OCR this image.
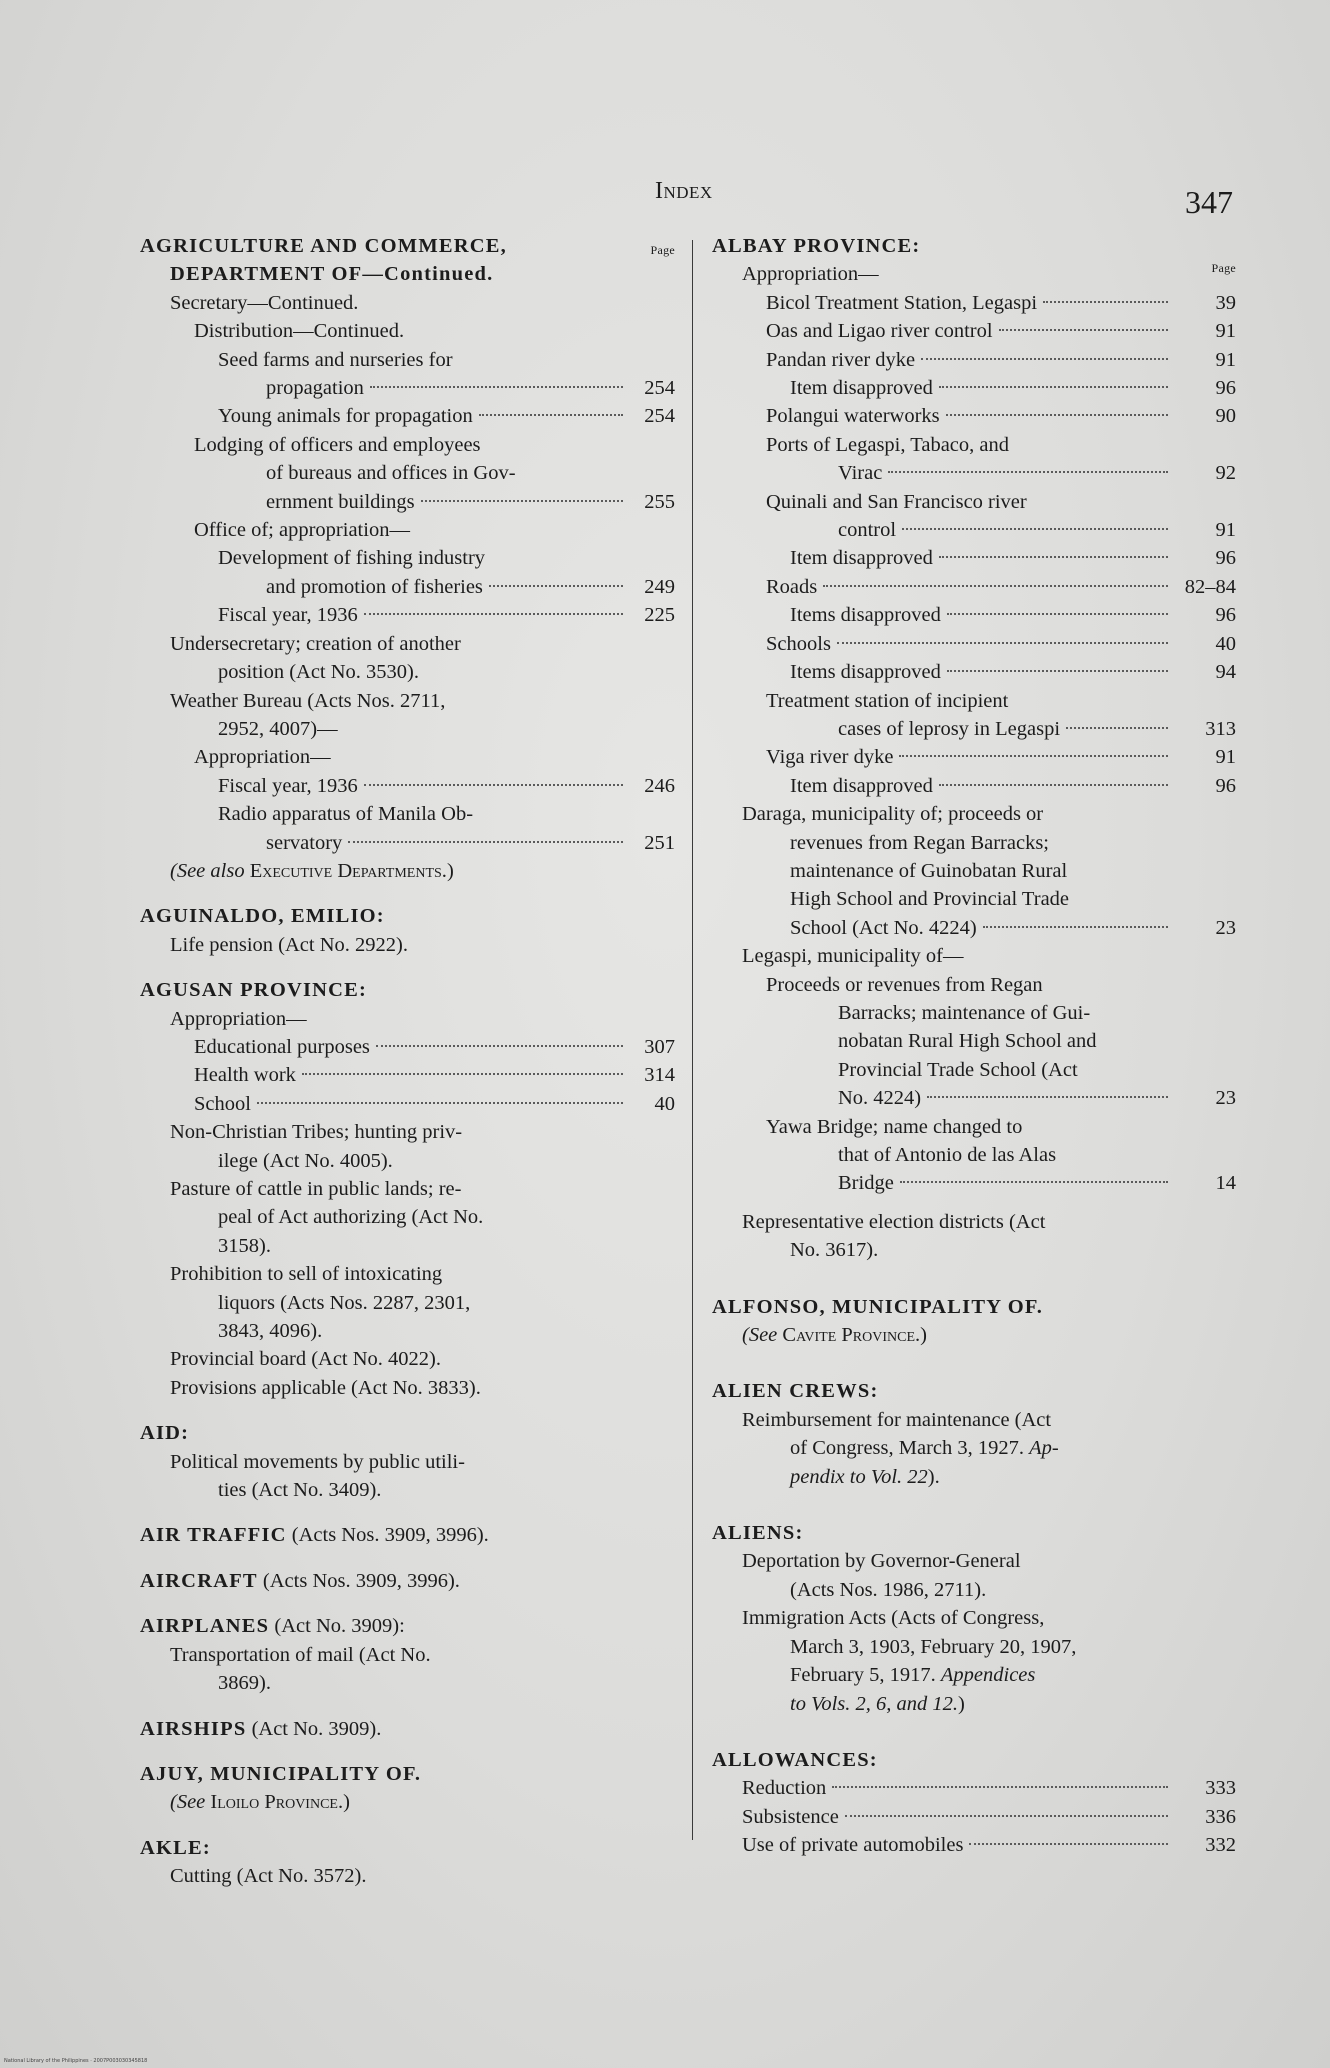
Index	347
Page
AGRICULTURE AND COMMERCE,
DEPARTMENT OF—Continued.
Secretary—Continued.
Distribution—Continued.
Seed farms and nurseries for
propagation	254
Young animals for propagation	254
Lodging of officers and employees
of bureaus and offices in Gov-
ernment buildings	255
Office of; appropriation—
Development of fishing industry
and promotion of fisheries	249
Fiscal year, 1936	225
Undersecretary; creation of another
position (Act No. 3530).
Weather Bureau (Acts Nos. 2711,
2952, 4007)—
Appropriation—
Fiscal year, 1936	246
Radio apparatus of Manila Ob-
servatory	251
(See also Executive Departments.)
AGUINALDO, EMILIO:
Life pension (Act No. 2922).
AGUSAN PROVINCE:
Appropriation—
Educational purposes	307
Health work	314
School	40
Non-Christian Tribes; hunting priv-
ilege (Act No. 4005).
Pasture of cattle in public lands; re-
peal of Act authorizing (Act No.
3158).
Prohibition to sell of intoxicating
liquors (Acts Nos. 2287, 2301,
3843, 4096).
Provincial board (Act No. 4022).
Provisions applicable (Act No. 3833).
AID:
Political movements by public utili-
ties (Act No. 3409).
AIR TRAFFIC (Acts Nos. 3909, 3996).
AIRCRAFT (Acts Nos. 3909, 3996).
AIRPLANES (Act No. 3909):
Transportation of mail (Act No.
3869).
AIRSHIPS (Act No. 3909).
AJUY, MUNICIPALITY OF.
(See Iloilo Province.)
AKLE:
Cutting (Act No. 3572).
Page
ALBAY PROVINCE:
Appropriation—
Bicol Treatment Station, Legaspi	39
Oas and Ligao river control	91
Pandan river dyke	91
Item disapproved	96
Polangui waterworks	90
Ports of Legaspi, Tabaco, and
Virac	92
Quinali and San Francisco river
control	91
Item disapproved	96
Roads	82–84
Items disapproved	96
Schools	40
Items disapproved	94
Treatment station of incipient
cases of leprosy in Legaspi	313
Viga river dyke	91
Item disapproved	96
Daraga, municipality of; proceeds or
revenues from Regan Barracks;
maintenance of Guinobatan Rural
High School and Provincial Trade
School (Act No. 4224)	23
Legaspi, municipality of—
Proceeds or revenues from Regan
Barracks; maintenance of Gui-
nobatan Rural High School and
Provincial Trade School (Act
No. 4224)	23
Yawa Bridge; name changed to
that of Antonio de las Alas
Bridge	14
Representative election districts (Act
No. 3617).
ALFONSO, MUNICIPALITY OF.
(See Cavite Province.)
ALIEN CREWS:
Reimbursement for maintenance (Act
of Congress, March 3, 1927. Ap-
pendix to Vol. 22).
ALIENS:
Deportation by Governor-General
(Acts Nos. 1986, 2711).
Immigration Acts (Acts of Congress,
March 3, 1903, February 20, 1907,
February 5, 1917. Appendices
to Vols. 2, 6, and 12.)
ALLOWANCES:
Reduction	333
Subsistence	336
Use of private automobiles	332
National Library of the Philippines · 2007P003030345818
